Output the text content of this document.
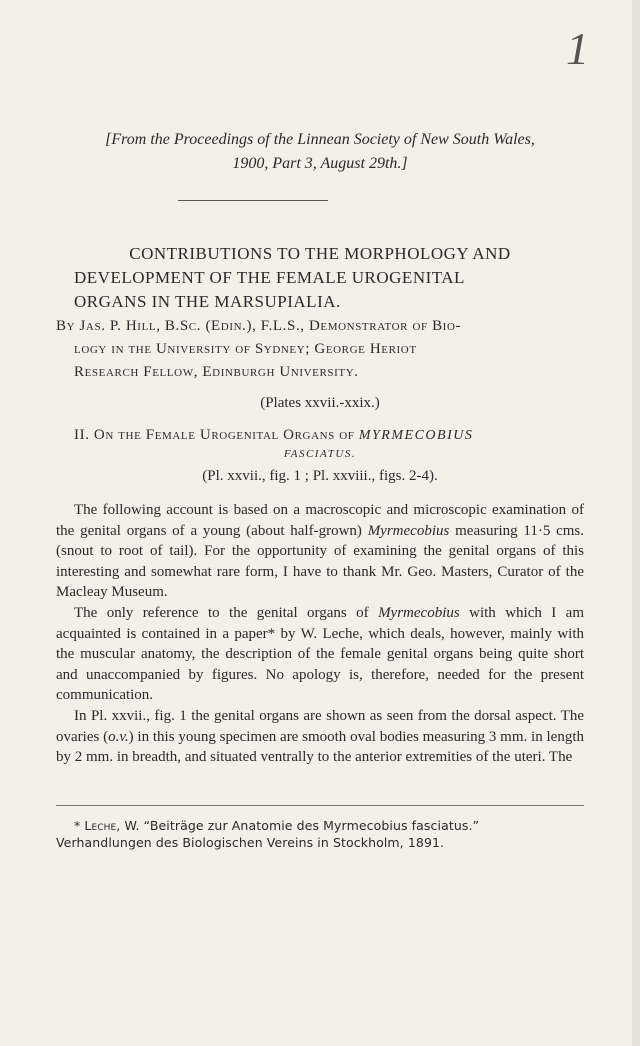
1
[From the Proceedings of the Linnean Society of New South Wales,
1900, Part 3, August 29th.]
CONTRIBUTIONS TO THE MORPHOLOGY AND
DEVELOPMENT OF THE FEMALE UROGENITAL
ORGANS IN THE MARSUPIALIA.
By Jas. P. Hill, B.Sc. (Edin.), F.L.S., Demonstrator of Bio-
logy in the University of Sydney; George Heriot
Research Fellow, Edinburgh University.
(Plates xxvii.-xxix.)
II. On the Female Urogenital Organs of MYRMECOBIUS
FASCIATUS.
(Pl. xxvii., fig. 1 ; Pl. xxviii., figs. 2-4).

The following account is based on a macroscopic and microscopic examination of the genital organs of a young (about half-grown) Myrmecobius measuring 11·5 cms. (snout to root of tail). For the opportunity of examining the genital organs of this interesting and somewhat rare form, I have to thank Mr. Geo. Masters, Curator of the Macleay Museum.

The only reference to the genital organs of Myrmecobius with which I am acquainted is contained in a paper* by W. Leche, which deals, however, mainly with the muscular anatomy, the description of the female genital organs being quite short and unaccompanied by figures. No apology is, therefore, needed for the present communication.

In Pl. xxvii., fig. 1 the genital organs are shown as seen from the dorsal aspect. The ovaries (o.v.) in this young specimen are smooth oval bodies measuring 3 mm. in length by 2 mm. in breadth, and situated ventrally to the anterior extremities of the uteri. The

* Leche, W. “Beiträge zur Anatomie des Myrmecobius fasciatus.”
Verhandlungen des Biologischen Vereins in Stockholm, 1891.
